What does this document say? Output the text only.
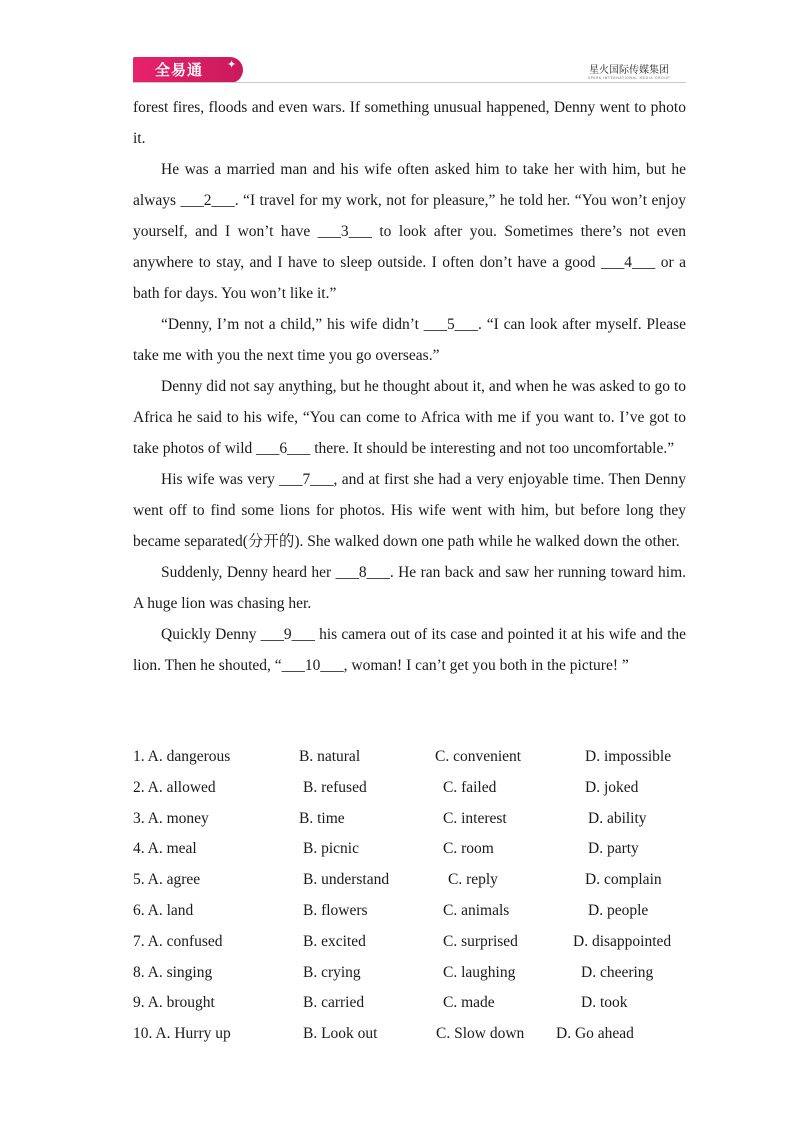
全易通 ✦	星火国际传媒集团
SPARK INTERNATIONAL MEDIA GROUP

forest fires, floods and even wars. If something unusual happened, Denny went to photo it.

He was a married man and his wife often asked him to take her with him, but he always ___2___. “I travel for my work, not for pleasure,” he told her. “You won’t enjoy yourself, and I won’t have ___3___ to look after you. Sometimes there’s not even anywhere to stay, and I have to sleep outside. I often don’t have a good ___4___ or a bath for days. You won’t like it.”

“Denny, I’m not a child,” his wife didn’t ___5___. “I can look after myself. Please take me with you the next time you go overseas.”

Denny did not say anything, but he thought about it, and when he was asked to go to Africa he said to his wife, “You can come to Africa with me if you want to. I’ve got to take photos of wild ___6___ there. It should be interesting and not too uncomfortable.”

His wife was very ___7___, and at first she had a very enjoyable time. Then Denny went off to find some lions for photos. His wife went with him, but before long they became separated(分开的). She walked down one path while he walked down the other.

Suddenly, Denny heard her ___8___. He ran back and saw her running toward him. A huge lion was chasing her.

Quickly Denny ___9___ his camera out of its case and pointed it at his wife and the lion. Then he shouted, “___10___, woman! I can’t get you both in the picture! ”

1. A. dangerous	B. natural	C. convenient	D. impossible
2. A. allowed	B. refused	C. failed	D. joked
3. A. money	B. time	C. interest	D. ability
4. A. meal	B. picnic	C. room	D. party
5. A. agree	B. understand	C. reply	D. complain
6. A. land	B. flowers	C. animals	D. people
7. A. confused	B. excited	C. surprised	D. disappointed
8. A. singing	B. crying	C. laughing	D. cheering
9. A. brought	B. carried	C. made	D. took
10. A. Hurry up	B. Look out	C. Slow down D. Go ahead
